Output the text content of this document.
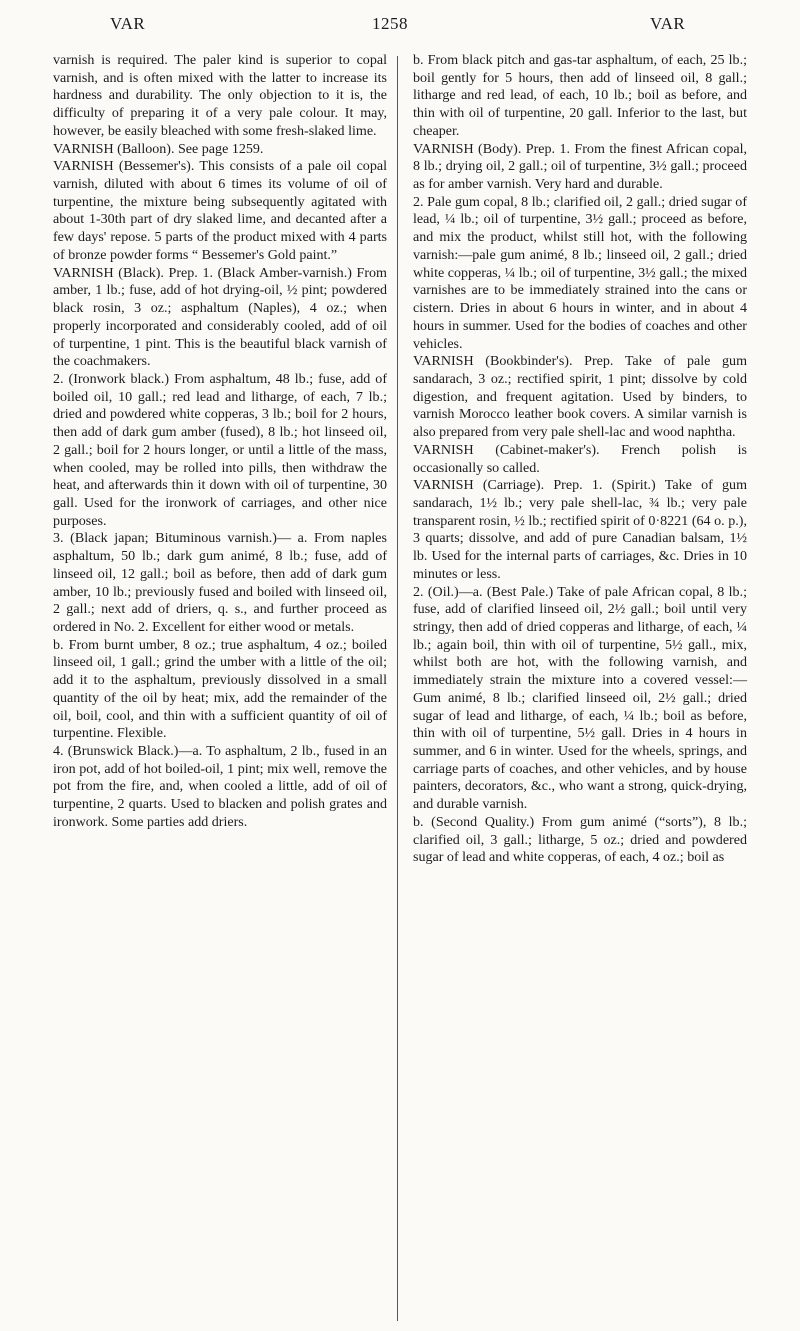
VAR	1258	VAR

varnish is required. The paler kind is superior to copal varnish, and is often mixed with the latter to increase its hardness and durability. The only objection to it is, the difficulty of preparing it of a very pale colour. It may, however, be easily bleached with some fresh-slaked lime.

VARNISH (Balloon). See page 1259.

VARNISH (Bessemer's). This consists of a pale oil copal varnish, diluted with about 6 times its volume of oil of turpentine, the mixture being subsequently agitated with about 1-30th part of dry slaked lime, and decanted after a few days' repose. 5 parts of the product mixed with 4 parts of bronze powder forms “ Bessemer's Gold paint.”

VARNISH (Black). Prep. 1. (Black Amber-varnish.) From amber, 1 lb.; fuse, add of hot drying-oil, ½ pint; powdered black rosin, 3 oz.; asphaltum (Naples), 4 oz.; when properly incorporated and considerably cooled, add of oil of turpentine, 1 pint. This is the beautiful black varnish of the coachmakers.

2. (Ironwork black.) From asphaltum, 48 lb.; fuse, add of boiled oil, 10 gall.; red lead and litharge, of each, 7 lb.; dried and powdered white copperas, 3 lb.; boil for 2 hours, then add of dark gum amber (fused), 8 lb.; hot linseed oil, 2 gall.; boil for 2 hours longer, or until a little of the mass, when cooled, may be rolled into pills, then withdraw the heat, and afterwards thin it down with oil of turpentine, 30 gall. Used for the ironwork of carriages, and other nice purposes.

3. (Black japan; Bituminous varnish.)— a. From naples asphaltum, 50 lb.; dark gum animé, 8 lb.; fuse, add of linseed oil, 12 gall.; boil as before, then add of dark gum amber, 10 lb.; previously fused and boiled with linseed oil, 2 gall.; next add of driers, q. s., and further proceed as ordered in No. 2. Excellent for either wood or metals.

b. From burnt umber, 8 oz.; true asphaltum, 4 oz.; boiled linseed oil, 1 gall.; grind the umber with a little of the oil; add it to the asphaltum, previously dissolved in a small quantity of the oil by heat; mix, add the remainder of the oil, boil, cool, and thin with a sufficient quantity of oil of turpentine. Flexible.

4. (Brunswick Black.)—a. To asphaltum, 2 lb., fused in an iron pot, add of hot boiled-oil, 1 pint; mix well, remove the pot from the fire, and, when cooled a little, add of oil of turpentine, 2 quarts. Used to blacken and polish grates and ironwork. Some parties add driers.

b. From black pitch and gas-tar asphaltum, of each, 25 lb.; boil gently for 5 hours, then add of linseed oil, 8 gall.; litharge and red lead, of each, 10 lb.; boil as before, and thin with oil of turpentine, 20 gall. Inferior to the last, but cheaper.

VARNISH (Body). Prep. 1. From the finest African copal, 8 lb.; drying oil, 2 gall.; oil of turpentine, 3½ gall.; proceed as for amber varnish. Very hard and durable.

2. Pale gum copal, 8 lb.; clarified oil, 2 gall.; dried sugar of lead, ¼ lb.; oil of turpentine, 3½ gall.; proceed as before, and mix the product, whilst still hot, with the following varnish:—pale gum animé, 8 lb.; linseed oil, 2 gall.; dried white copperas, ¼ lb.; oil of turpentine, 3½ gall.; the mixed varnishes are to be immediately strained into the cans or cistern. Dries in about 6 hours in winter, and in about 4 hours in summer. Used for the bodies of coaches and other vehicles.

VARNISH (Bookbinder's). Prep. Take of pale gum sandarach, 3 oz.; rectified spirit, 1 pint; dissolve by cold digestion, and frequent agitation. Used by binders, to varnish Morocco leather book covers. A similar varnish is also prepared from very pale shell-lac and wood naphtha.

VARNISH (Cabinet-maker's). French polish is occasionally so called.

VARNISH (Carriage). Prep. 1. (Spirit.) Take of gum sandarach, 1½ lb.; very pale shell-lac, ¾ lb.; very pale transparent rosin, ½ lb.; rectified spirit of 0·8221 (64 o. p.), 3 quarts; dissolve, and add of pure Canadian balsam, 1½ lb. Used for the internal parts of carriages, &c. Dries in 10 minutes or less.

2. (Oil.)—a. (Best Pale.) Take of pale African copal, 8 lb.; fuse, add of clarified linseed oil, 2½ gall.; boil until very stringy, then add of dried copperas and litharge, of each, ¼ lb.; again boil, thin with oil of turpentine, 5½ gall., mix, whilst both are hot, with the following varnish, and immediately strain the mixture into a covered vessel:— Gum animé, 8 lb.; clarified linseed oil, 2½ gall.; dried sugar of lead and litharge, of each, ¼ lb.; boil as before, thin with oil of turpentine, 5½ gall. Dries in 4 hours in summer, and 6 in winter. Used for the wheels, springs, and carriage parts of coaches, and other vehicles, and by house painters, decorators, &c., who want a strong, quick-drying, and durable varnish.

b. (Second Quality.) From gum animé (“sorts”), 8 lb.; clarified oil, 3 gall.; litharge, 5 oz.; dried and powdered sugar of lead and white copperas, of each, 4 oz.; boil as
